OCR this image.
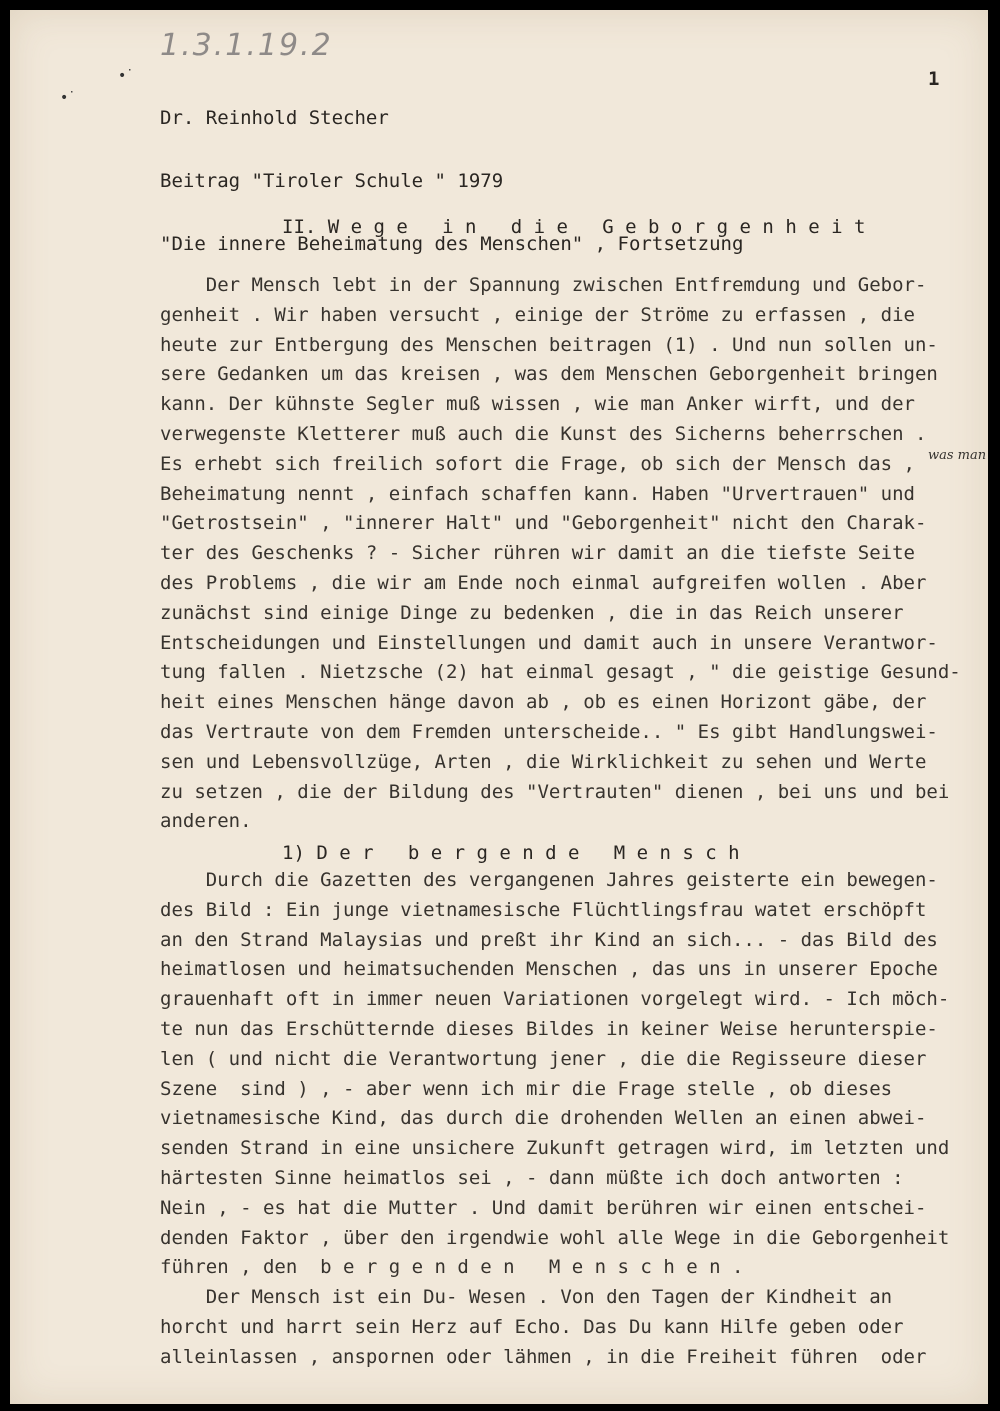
1.3.1.19.2
•˙
•˙

Dr. Reinhold Stecher

Beitrag "Tiroler Schule " 1979

"Die innere Beheimatung des Menschen" , Fortsetzung

1
II. W e g e   i n   d i e   G e b o r g e n h e i t
Der Mensch lebt in der Spannung zwischen Entfremdung und Gebor-
genheit . Wir haben versucht , einige der Ströme zu erfassen , die
heute zur Entbergung des Menschen beitragen (1) . Und nun sollen un-
sere Gedanken um das kreisen , was dem Menschen Geborgenheit bringen
kann. Der kühnste Segler muß wissen , wie man Anker wirft, und der
verwegenste Kletterer muß auch die Kunst des Sicherns beherrschen .
Es erhebt sich freilich sofort die Frage, ob sich der Mensch das ,
Beheimatung nennt , einfach schaffen kann. Haben "Urvertrauen" und
"Getrostsein" , "innerer Halt" und "Geborgenheit" nicht den Charak-
ter des Geschenks ? - Sicher rühren wir damit an die tiefste Seite
des Problems , die wir am Ende noch einmal aufgreifen wollen . Aber
zunächst sind einige Dinge zu bedenken , die in das Reich unserer
Entscheidungen und Einstellungen und damit auch in unsere Verantwor-
tung fallen . Nietzsche (2) hat einmal gesagt , " die geistige Gesund-
heit eines Menschen hänge davon ab , ob es einen Horizont gäbe, der
das Vertraute von dem Fremden unterscheide.. " Es gibt Handlungswei-
sen und Lebensvollzüge, Arten , die Wirklichkeit zu sehen und Werte
zu setzen , die der Bildung des "Vertrauten" dienen , bei uns und bei
anderen.
was man
1) D e r   b e r g e n d e   M e n s c h
Durch die Gazetten des vergangenen Jahres geisterte ein bewegen-
des Bild : Ein junge vietnamesische Flüchtlingsfrau watet erschöpft
an den Strand Malaysias und preßt ihr Kind an sich... - das Bild des
heimatlosen und heimatsuchenden Menschen , das uns in unserer Epoche
grauenhaft oft in immer neuen Variationen vorgelegt wird. - Ich möch-
te nun das Erschütternde dieses Bildes in keiner Weise herunterspie-
len ( und nicht die Verantwortung jener , die die Regisseure dieser
Szene  sind ) , - aber wenn ich mir die Frage stelle , ob dieses
vietnamesische Kind, das durch die drohenden Wellen an einen abwei-
senden Strand in eine unsichere Zukunft getragen wird, im letzten und
härtesten Sinne heimatlos sei , - dann müßte ich doch antworten :
Nein , - es hat die Mutter . Und damit berühren wir einen entschei-
denden Faktor , über den irgendwie wohl alle Wege in die Geborgenheit
führen , den  b e r g e n d e n   M e n s c h e n .
Der Mensch ist ein Du- Wesen . Von den Tagen der Kindheit an
horcht und harrt sein Herz auf Echo. Das Du kann Hilfe geben oder
alleinlassen , anspornen oder lähmen , in die Freiheit führen  oder
